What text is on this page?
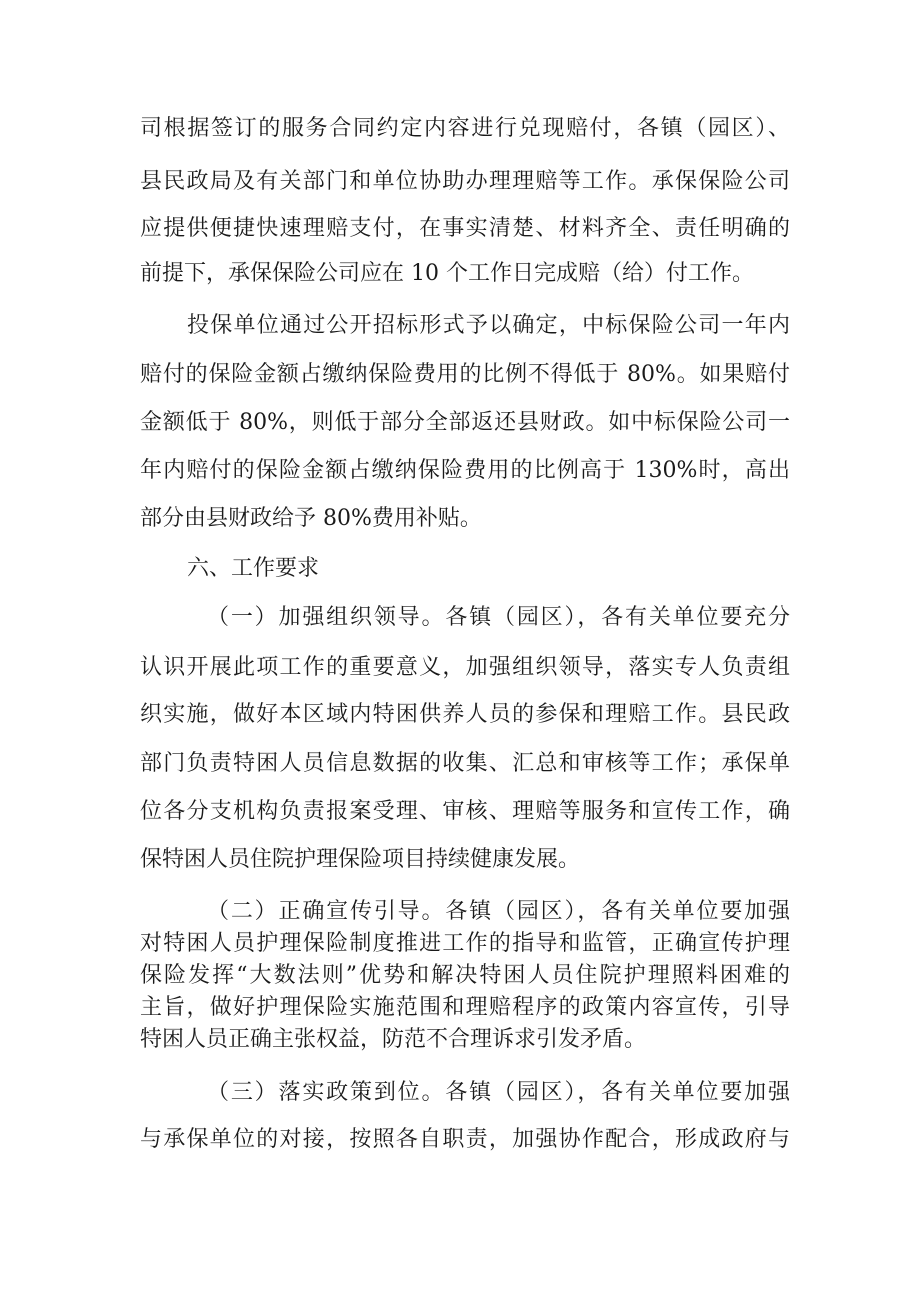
司根据签订的服务合同约定内容进行兑现赔付，各镇（园区）、
县民政局及有关部门和单位协助办理理赔等工作。承保保险公司
应提供便捷快速理赔支付，在事实清楚、材料齐全、责任明确的
前提下，承保保险公司应在 10 个工作日完成赔（给）付工作。
投保单位通过公开招标形式予以确定，中标保险公司一年内
赔付的保险金额占缴纳保险费用的比例不得低于 80%。如果赔付
金额低于 80%，则低于部分全部返还县财政。如中标保险公司一
年内赔付的保险金额占缴纳保险费用的比例高于 130%时，高出
部分由县财政给予 80%费用补贴。
六、工作要求
（一）加强组织领导。各镇（园区），各有关单位要充分
认识开展此项工作的重要意义，加强组织领导，落实专人负责组
织实施，做好本区域内特困供养人员的参保和理赔工作。县民政
部门负责特困人员信息数据的收集、汇总和审核等工作；承保单
位各分支机构负责报案受理、审核、理赔等服务和宣传工作，确
保特困人员住院护理保险项目持续健康发展。
（二）正确宣传引导。各镇（园区），各有关单位要加强
对特困人员护理保险制度推进工作的指导和监管，正确宣传护理
保险发挥“大数法则”优势和解决特困人员住院护理照料困难的
主旨，做好护理保险实施范围和理赔程序的政策内容宣传，引导
特困人员正确主张权益，防范不合理诉求引发矛盾。
（三）落实政策到位。各镇（园区），各有关单位要加强
与承保单位的对接，按照各自职责，加强协作配合，形成政府与
